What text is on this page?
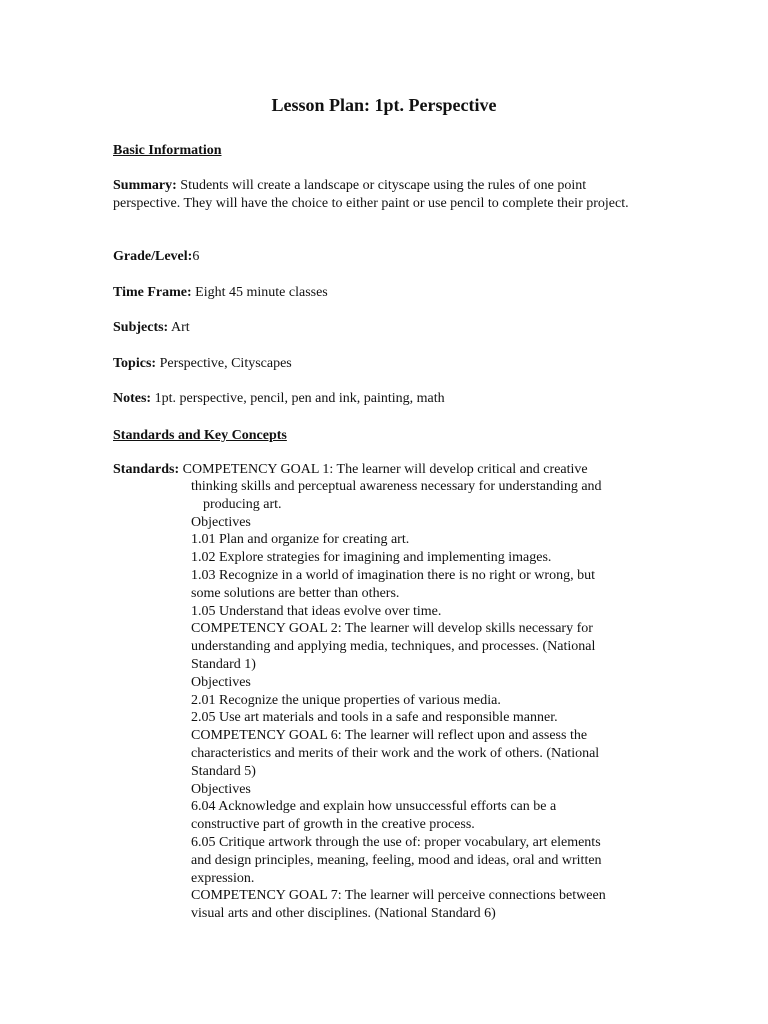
Lesson Plan: 1pt. Perspective
Basic Information
Summary: Students will create a landscape or cityscape using the rules of one point perspective. They will have the choice to either paint or use pencil to complete their project.
Grade/Level:6
Time Frame: Eight 45 minute classes
Subjects: Art
Topics: Perspective, Cityscapes
Notes: 1pt. perspective, pencil, pen and ink, painting, math
Standards and Key Concepts
Standards: COMPETENCY GOAL 1: The learner will develop critical and creative
thinking skills and perceptual awareness necessary for understanding and
producing art.
Objectives
1.01 Plan and organize for creating art.
1.02 Explore strategies for imagining and implementing images.
1.03 Recognize in a world of imagination there is no right or wrong, but
some solutions are better than others.
1.05 Understand that ideas evolve over time.
COMPETENCY GOAL 2: The learner will develop skills necessary for
understanding and applying media, techniques, and processes. (National
Standard 1)
Objectives
2.01 Recognize the unique properties of various media.
2.05 Use art materials and tools in a safe and responsible manner.
COMPETENCY GOAL 6: The learner will reflect upon and assess the
characteristics and merits of their work and the work of others. (National
Standard 5)
Objectives
6.04 Acknowledge and explain how unsuccessful efforts can be a
constructive part of growth in the creative process.
6.05 Critique artwork through the use of: proper vocabulary, art elements
and design principles, meaning, feeling, mood and ideas, oral and written
expression.
COMPETENCY GOAL 7: The learner will perceive connections between
visual arts and other disciplines. (National Standard 6)
